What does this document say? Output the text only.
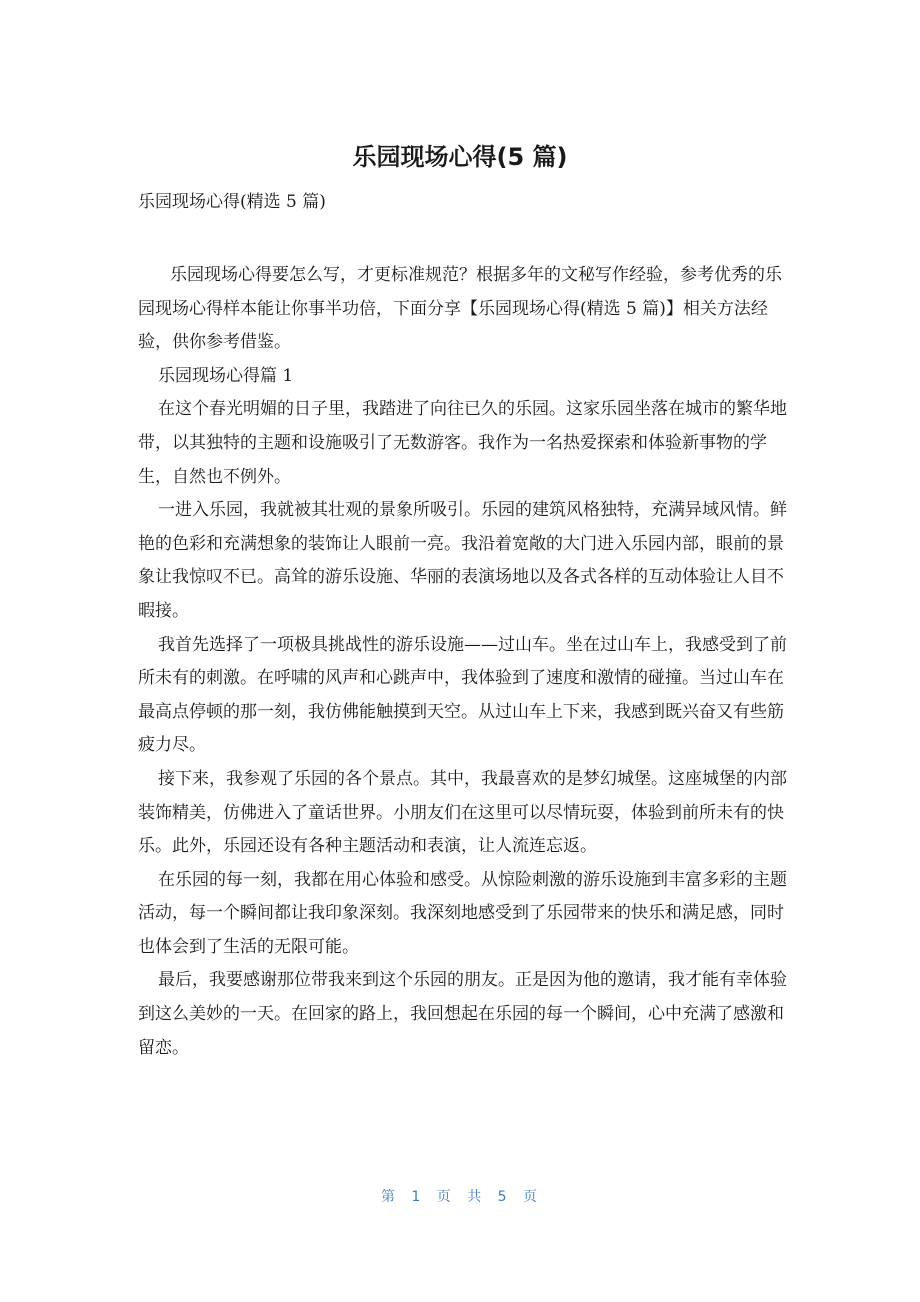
乐园现场心得(5 篇)

乐园现场心得(精选 5 篇)

乐园现场心得要怎么写，才更标准规范？根据多年的文秘写作经验，参考优秀的乐园现场心得样本能让你事半功倍，下面分享【乐园现场心得(精选 5 篇)】相关方法经验，供你参考借鉴。

乐园现场心得篇 1

在这个春光明媚的日子里，我踏进了向往已久的乐园。这家乐园坐落在城市的繁华地带，以其独特的主题和设施吸引了无数游客。我作为一名热爱探索和体验新事物的学生，自然也不例外。

一进入乐园，我就被其壮观的景象所吸引。乐园的建筑风格独特，充满异域风情。鲜艳的色彩和充满想象的装饰让人眼前一亮。我沿着宽敞的大门进入乐园内部，眼前的景象让我惊叹不已。高耸的游乐设施、华丽的表演场地以及各式各样的互动体验让人目不暇接。

我首先选择了一项极具挑战性的游乐设施——过山车。坐在过山车上，我感受到了前所未有的刺激。在呼啸的风声和心跳声中，我体验到了速度和激情的碰撞。当过山车在最高点停顿的那一刻，我仿佛能触摸到天空。从过山车上下来，我感到既兴奋又有些筋疲力尽。

接下来，我参观了乐园的各个景点。其中，我最喜欢的是梦幻城堡。这座城堡的内部装饰精美，仿佛进入了童话世界。小朋友们在这里可以尽情玩耍，体验到前所未有的快乐。此外，乐园还设有各种主题活动和表演，让人流连忘返。

在乐园的每一刻，我都在用心体验和感受。从惊险刺激的游乐设施到丰富多彩的主题活动，每一个瞬间都让我印象深刻。我深刻地感受到了乐园带来的快乐和满足感，同时也体会到了生活的无限可能。

最后，我要感谢那位带我来到这个乐园的朋友。正是因为他的邀请，我才能有幸体验到这么美妙的一天。在回家的路上，我回想起在乐园的每一个瞬间，心中充满了感激和留恋。

第 1 页 共 5 页
